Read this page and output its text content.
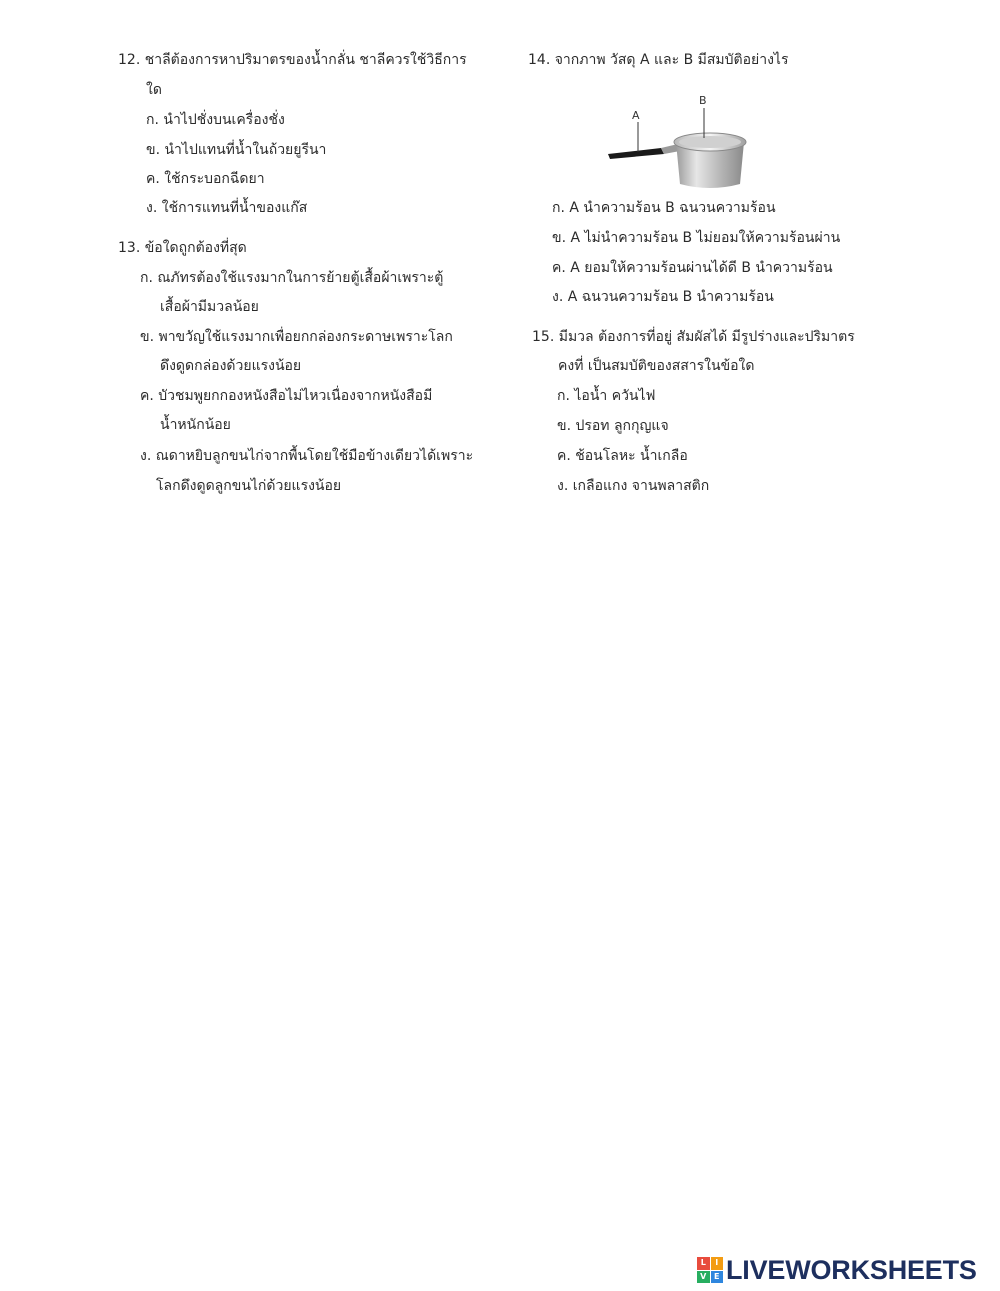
12. ชาลีต้องการหาปริมาตรของน้ำกลั่น ชาลีควรใช้วิธีการ
ใด
ก. นำไปชั่งบนเครื่องชั่ง
ข. นำไปแทนที่น้ำในถ้วยยูรีนา
ค. ใช้กระบอกฉีดยา
ง. ใช้การแทนที่น้ำของแก๊ส
13. ข้อใดถูกต้องที่สุด
ก. ณภัทรต้องใช้แรงมากในการย้ายตู้เสื้อผ้าเพราะตู้
เสื้อผ้ามีมวลน้อย
ข. พาขวัญใช้แรงมากเพื่อยกกล่องกระดาษเพราะโลก
ดึงดูดกล่องด้วยแรงน้อย
ค. บัวชมพูยกกองหนังสือไม่ไหวเนื่องจากหนังสือมี
น้ำหนักน้อย
ง. ณดาหยิบลูกขนไก่จากพื้นโดยใช้มือข้างเดียวได้เพราะ
โลกดึงดูดลูกขนไก่ด้วยแรงน้อย
14. จากภาพ วัสดุ A และ B มีสมบัติอย่างไร
A
B
ก. A นำความร้อน B ฉนวนความร้อน
ข. A ไม่นำความร้อน B ไม่ยอมให้ความร้อนผ่าน
ค. A ยอมให้ความร้อนผ่านได้ดี B นำความร้อน
ง. A ฉนวนความร้อน B นำความร้อน
15. มีมวล ต้องการที่อยู่ สัมผัสได้ มีรูปร่างและปริมาตร
คงที่ เป็นสมบัติของสสารในข้อใด
ก. ไอน้ำ ควันไฟ
ข. ปรอท ลูกกุญแจ
ค. ช้อนโลหะ น้ำเกลือ
ง. เกลือแกง จานพลาสติก
L	I
V E LIVEWORKSHEETS
